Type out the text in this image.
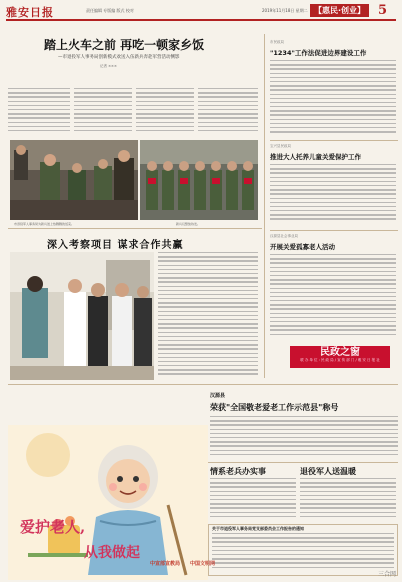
雅安日报	责任编辑 专版编 版式 校对	2019年11月18日 星期二 【惠民·创业】 5
踏上火车之前 再吃一顿家乡饭
—市退役军人事务局创新模式欢送入伍新兵奔赴军营活动侧影
记者 ×××
市退役军人事务局为新兵送上热腾腾的饭菜。	新兵们整装待发。
深入考察项目 谋求合作共赢
市民政局
"1234"工作法促进边界建设工作
宝兴县民政局
推进大人托养儿童关爱保护工作
汉源县社会事业局
开展关爱孤寡老人活动
民政之窗
联 办 单 位 : 民 政 局 / 宣 传 部 门 / 雅 安 日 报 社
汉源县
荣获"全国敬老爱老工作示范县"称号
情系老兵办实事	退役军人送温暖
关于市退役军人事务局党支部委员会工作报告的通知
爱护老人,
从我做起
中宣部宣教局 中国文明网
三合网
